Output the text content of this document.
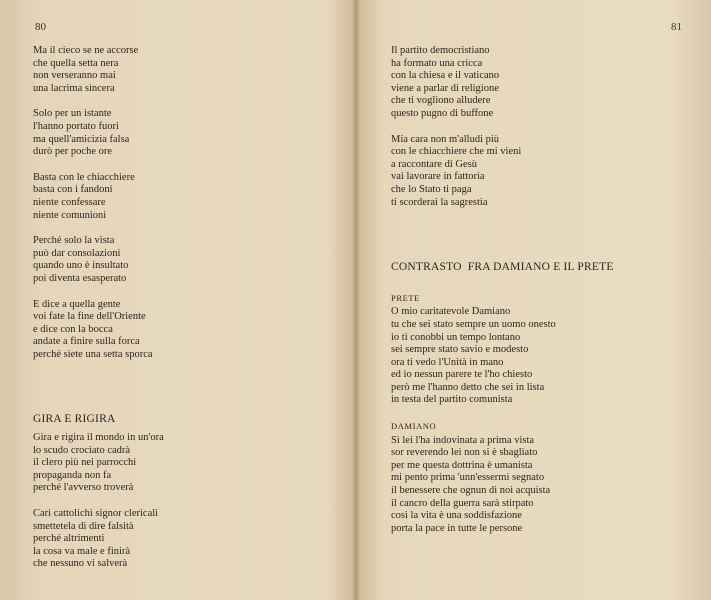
80	81
Ma il cieco se ne accorse
che quella setta nera
non verseranno mai
una lacrima sincera
Solo per un istante
l'hanno portato fuori
ma quell'amicizia falsa
durò per poche ore
Basta con le chiacchiere
basta con i fandoni
niente confessare
niente comunioni
Perché solo la vista
può dar consolazioni
quando uno è insultato
poi diventa esasperato
E dice a quella gente
voi fate la fine dell'Oriente
e dice con la bocca
andate a finire sulla forca
perché siete una setta sporca
GIRA E RIGIRA
Gira e rigira il mondo in un'ora
lo scudo crociato cadrà
il clero più nei parrocchi
propaganda non fa
perché l'avverso troverà
Cari cattolichi signor clericali
smettetela di dire falsità
perché altrimenti
la cosa va male e finirà
che nessuno vi salverà
Il partito democristiano
ha formato una cricca
con la chiesa e il vaticano
viene a parlar di religione
che ti vogliono alludere
questo pugno di buffone
Mia cara non m'alludi più
con le chiacchiere che mi vieni
a raccontare di Gesù
vai lavorare in fattoria
che lo Stato ti paga
ti scorderai la sagrestia
CONTRASTO  FRA DAMIANO E IL PRETE
PRETE
O mio caritatevole Damiano
tu che sei stato sempre un uomo onesto
io ti conobbi un tempo lontano
sei sempre stato savio e modesto
ora ti vedo l'Unità in mano
ed io nessun parere te l'ho chiesto
però me l'hanno detto che sei in lista
in testa del partito comunista
DAMIANO
Sì lei l'ha indovinata a prima vista
sor reverendo lei non si è sbagliato
per me questa dottrina è umanista
mi pento prima 'unn'essermi segnato
il benessere che ognun di noi acquista
il cancro della guerra sarà stirpato
così la vita è una soddisfazione
porta la pace in tutte le persone
